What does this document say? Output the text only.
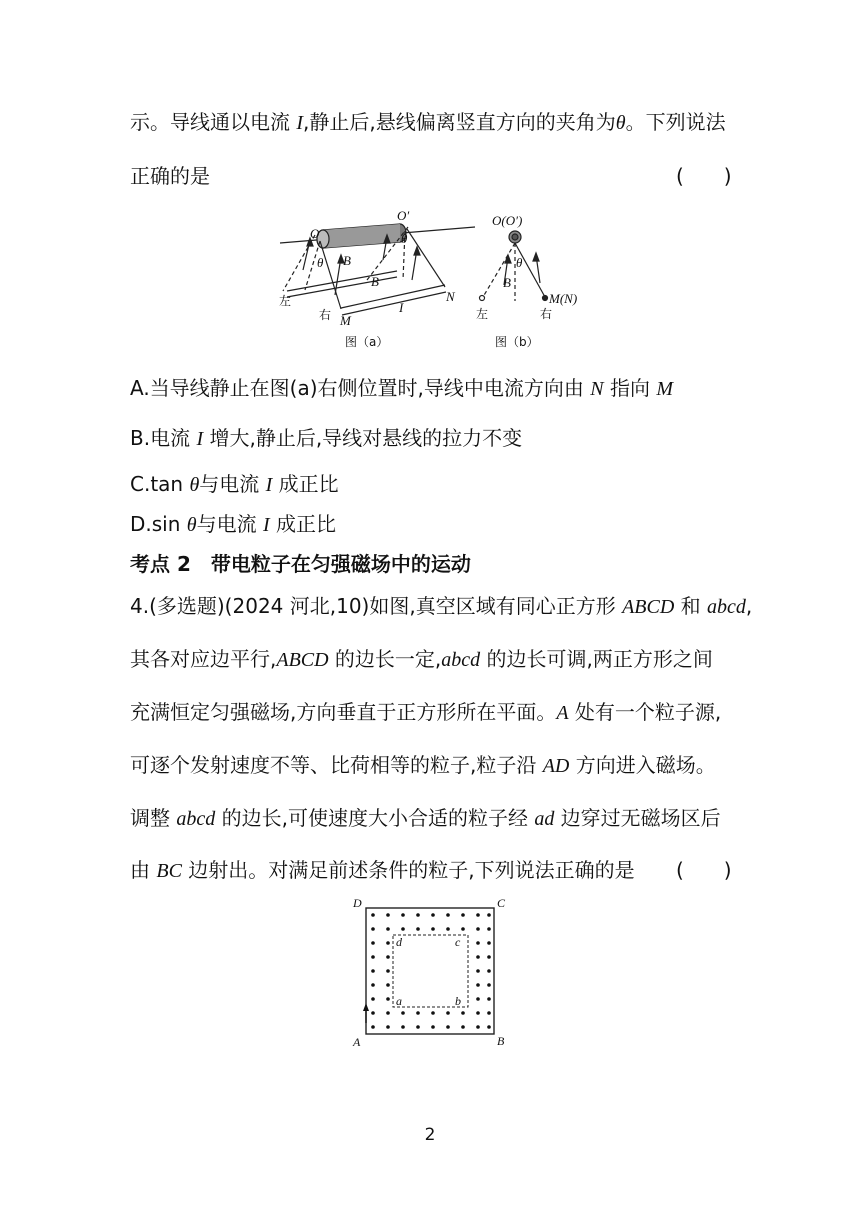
示。导线通以电流 I,静止后,悬线偏离竖直方向的夹角为θ。下列说法
正确的是	(　　)
O
O′
θ
θ
B
B
I
M
N
左
右
图（a）
O(O′)
θ
B
M(N)
左	右
图（b）
A.当导线静止在图(a)右侧位置时,导线中电流方向由 N 指向 M
B.电流 I 增大,静止后,导线对悬线的拉力不变
C.tan θ与电流 I 成正比
D.sin θ与电流 I 成正比
考点 2　带电粒子在匀强磁场中的运动
4.(多选题)(2024 河北,10)如图,真空区域有同心正方形 ABCD 和 abcd,
其各对应边平行,ABCD 的边长一定,abcd 的边长可调,两正方形之间
充满恒定匀强磁场,方向垂直于正方形所在平面。A 处有一个粒子源,
可逐个发射速度不等、比荷相等的粒子,粒子沿 AD 方向进入磁场。
调整 abcd 的边长,可使速度大小合适的粒子经 ad 边穿过无磁场区后
由 BC 边射出。对满足前述条件的粒子,下列说法正确的是 (　　)
A	B
C
D
a	b
c
d
2
